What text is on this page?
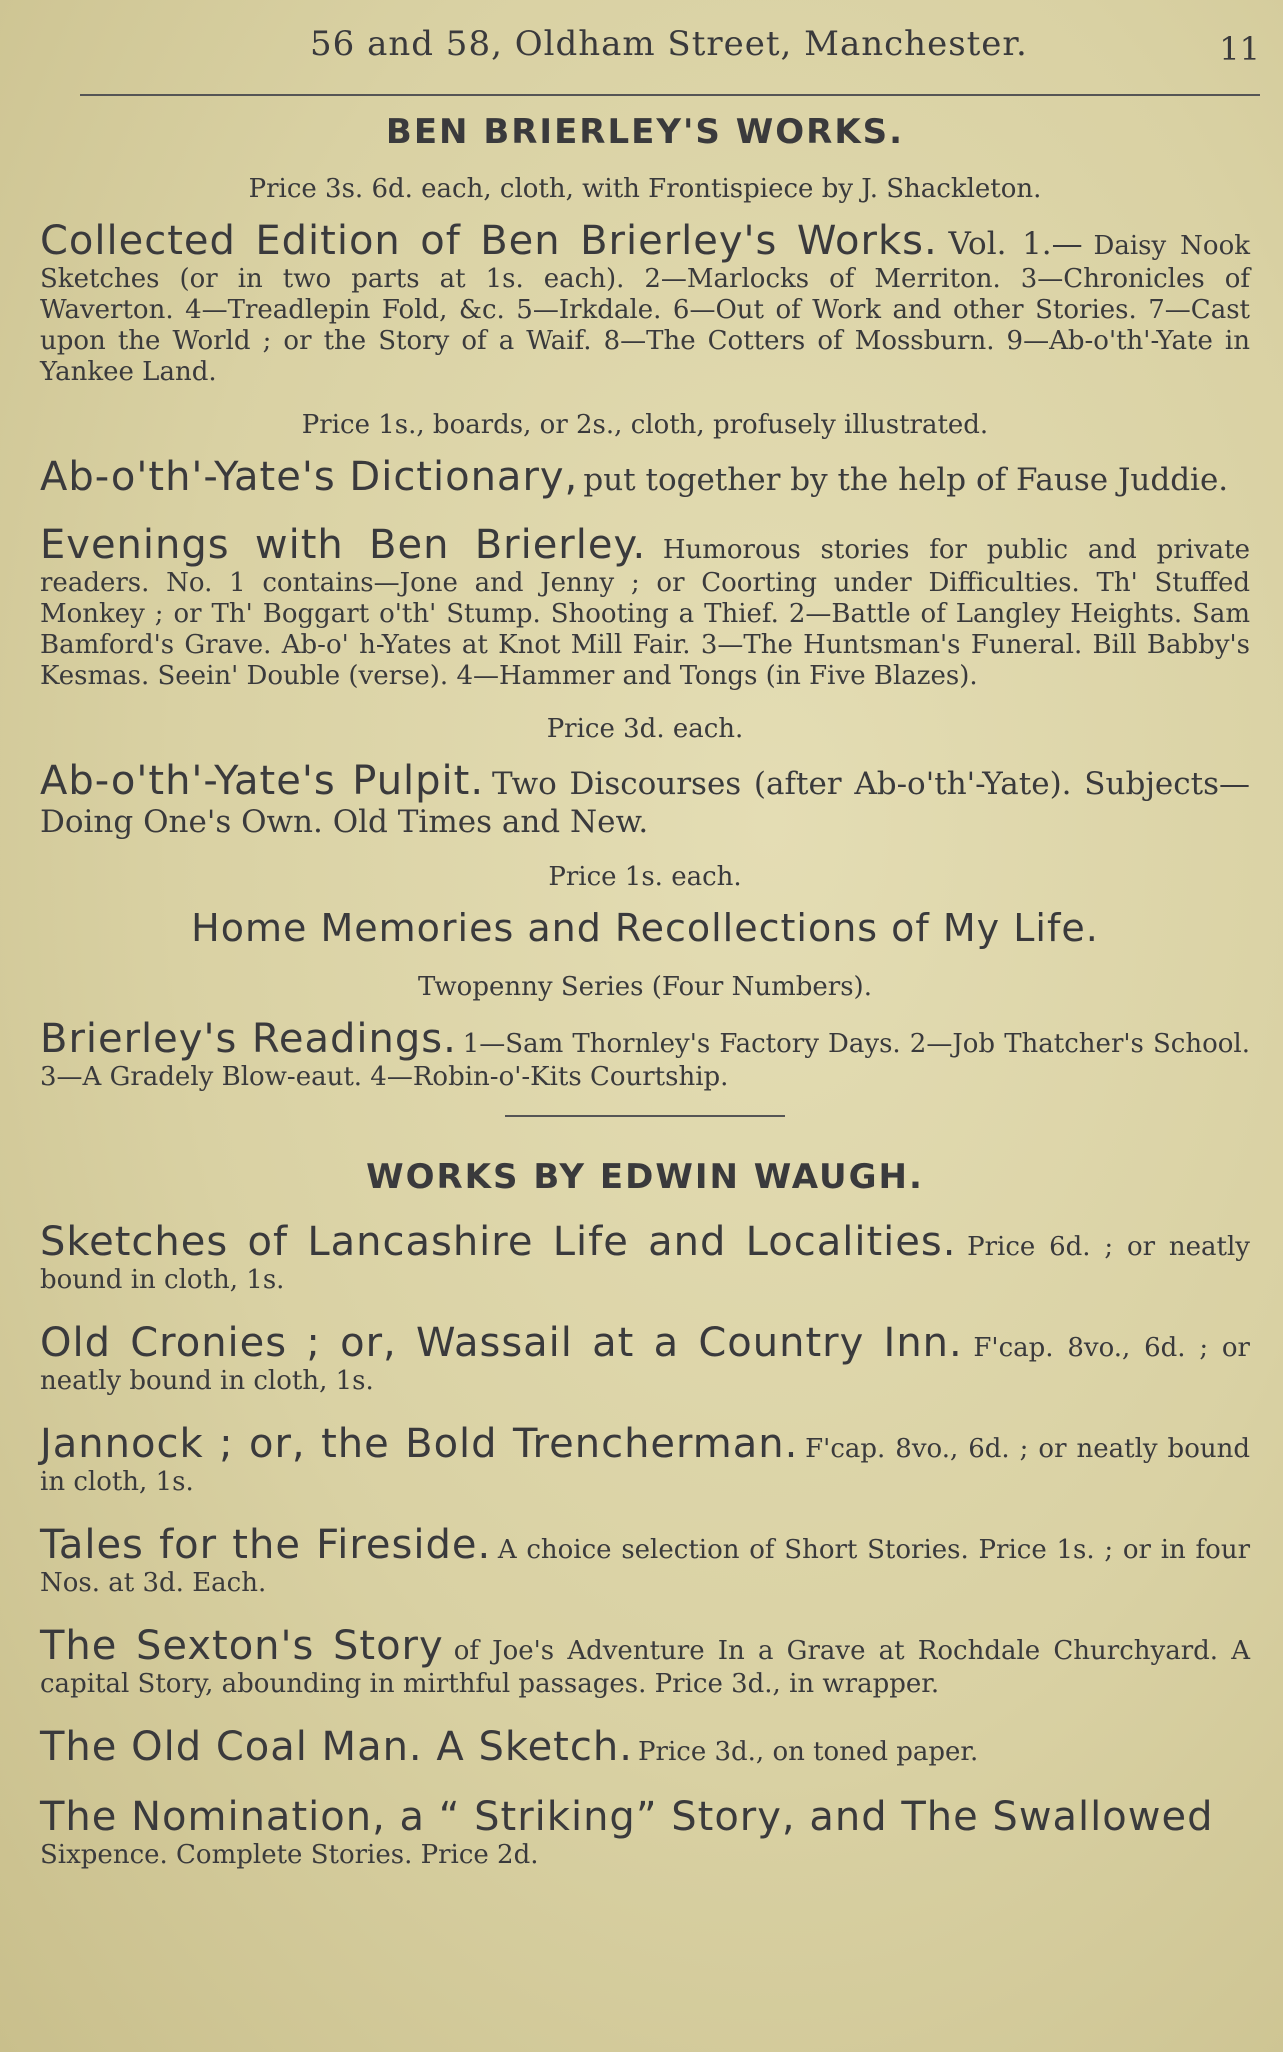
56 and 58, Oldham Street, Manchester.	11
BEN BRIERLEY'S WORKS.
Price 3s. 6d. each, cloth, with Frontispiece by J. Shackleton.
Collected Edition of Ben Brierley's Works. Vol. 1.— Daisy Nook Sketches (or in two parts at 1s. each). 2—Marlocks of Merriton. 3—Chronicles of Waverton. 4—Treadlepin Fold, &c. 5—Irkdale. 6—Out of Work and other Stories. 7—Cast upon the World ; or the Story of a Waif. 8—The Cotters of Mossburn. 9—Ab-o'th'-Yate in Yankee Land.
Price 1s., boards, or 2s., cloth, profusely illustrated.
Ab-o'th'-Yate's Dictionary, put together by the help of Fause Juddie.
Evenings with Ben Brierley. Humorous stories for public and private readers. No. 1 contains—Jone and Jenny ; or Coorting under Difficulties. Th' Stuffed Monkey ; or Th' Boggart o'th' Stump. Shooting a Thief. 2—Battle of Langley Heights. Sam Bamford's Grave. Ab-o' h-Yates at Knot Mill Fair. 3—The Huntsman's Funeral. Bill Babby's Kesmas. Seein' Double (verse). 4—Hammer and Tongs (in Five Blazes).
Price 3d. each.
Ab-o'th'-Yate's Pulpit. Two Discourses (after Ab-o'th'-Yate). Subjects—Doing One's Own. Old Times and New.
Price 1s. each.
Home Memories and Recollections of My Life.
Twopenny Series (Four Numbers).
Brierley's Readings. 1—Sam Thornley's Factory Days. 2—Job Thatcher's School. 3—A Gradely Blow-eaut. 4—Robin-o'-Kits Courtship.
WORKS BY EDWIN WAUGH.

Sketches of Lancashire Life and Localities. Price 6d. ; or neatly bound in cloth, 1s.

Old Cronies ; or, Wassail at a Country Inn. F'cap. 8vo., 6d. ; or neatly bound in cloth, 1s.

Jannock ; or, the Bold Trencherman. F'cap. 8vo., 6d. ; or neatly bound in cloth, 1s.

Tales for the Fireside. A choice selection of Short Stories. Price 1s. ; or in four Nos. at 3d. Each.

The Sexton's Story of Joe's Adventure In a Grave at Rochdale Churchyard. A capital Story, abounding in mirthful passages. Price 3d., in wrapper.

The Old Coal Man. A Sketch. Price 3d., on toned paper.

The Nomination, a “ Striking” Story, and The Swallowed
Sixpence. Complete Stories. Price 2d.
